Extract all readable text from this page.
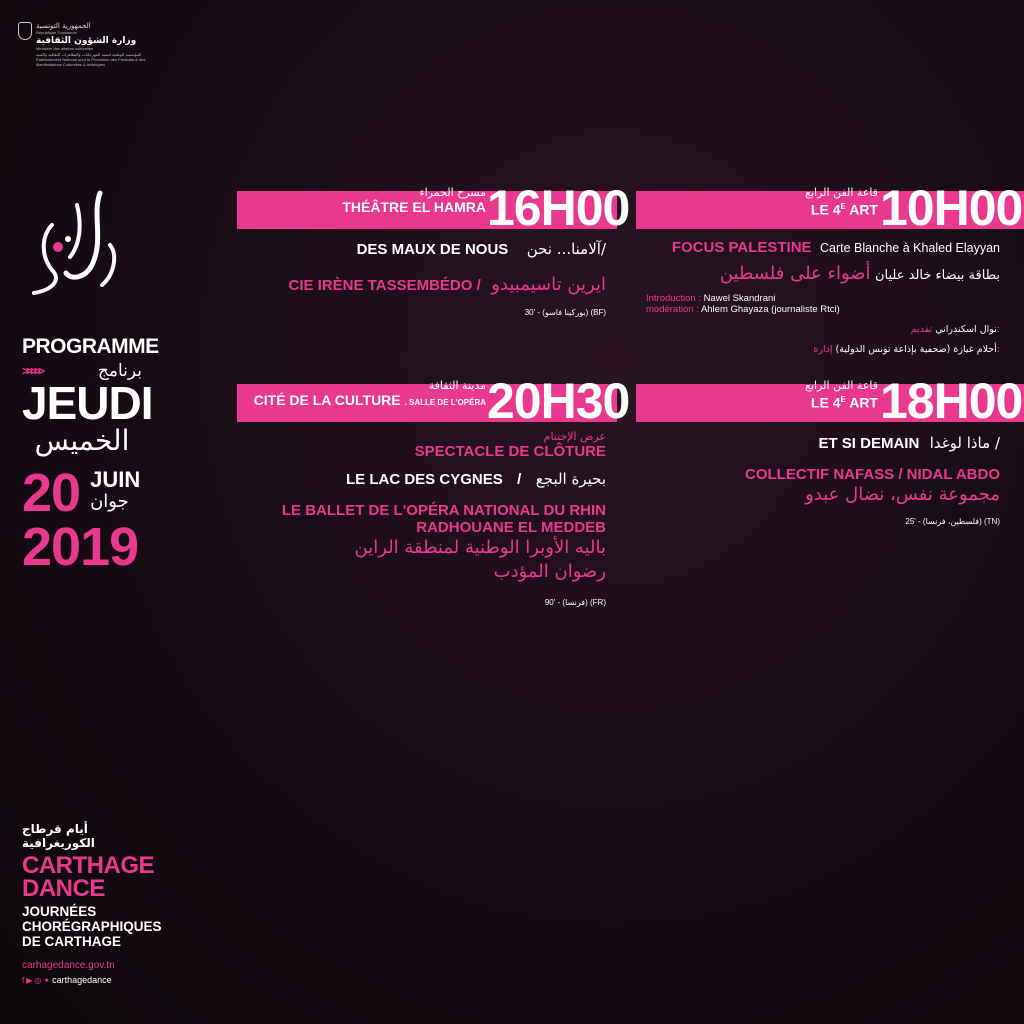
الجمهورية التونسية
République Tunisienne
وزارة الشؤون الثقافية
Ministère des affaires culturelles
المؤسسة الوطنية لتنمية المهرجانات والتظاهرات الثقافية والفنية
Établissement National pour la Promotion des Festivals & des Manifestations Culturelles & Artistiques
PROGRAMME
>>>>>	برنامج
JEUDI
الخميس
20 JUIN
جوان
2019
أيام قرطاج الكوريغرافية
CARTHAGE
DANCE
JOURNÉES
CHORÉGRAPHIQUES
DE CARTHAGE
carhagedance.gov.tn
f ▶ ◎ ✦ carthagedance
مسرح الحمراء
THÉÂTRE EL HAMRA 16H00
DES MAUX DE NOUS آلامنا... نحن/
CIE IRÈNE TASSEMBÉDO / ايرين تاسيمبيدو
30' - (بوركينا فاسو) (BF)
قاعة الفن الرابع
LE $4^E$ ART 10H00
FOCUS PALESTINE Carte Blanche à Khaled Elayyan
بطاقة بيضاء خالد عليان أضواء على فلسطين
Introduction : Nawel Skandrani
modération : Ahlem Ghayaza (journaliste Rtci)
نوال اسكندراني تقديم:
أحلام غيازة (صحفية بإذاعة تونس الدولية) إدارة:
مدينة الثقافة
CITÉ DE LA CULTURE . SALLE DE L'OPÉRA 20H30
عرض الإختتام
SPECTACLE DE CLÔTURE
LE LAC DES CYGNES / بحيرة البجع
LE BALLET DE L'OPÉRA NATIONAL DU RHIN
RADHOUANE EL MEDDEB
باليه الأوبرا الوطنية لمنطقة الراين
رضوان المؤدب
90' - (فرنسا) (FR)
قاعة الفن الرابع
LE $4^E$ ART 18H00
ET SI DEMAIN ماذا لوغدا /
COLLECTIF NAFASS / NIDAL ABDO
مجموعة نفس، نضال عبدو
25' - (فلسطين، فرنسا) (TN)
